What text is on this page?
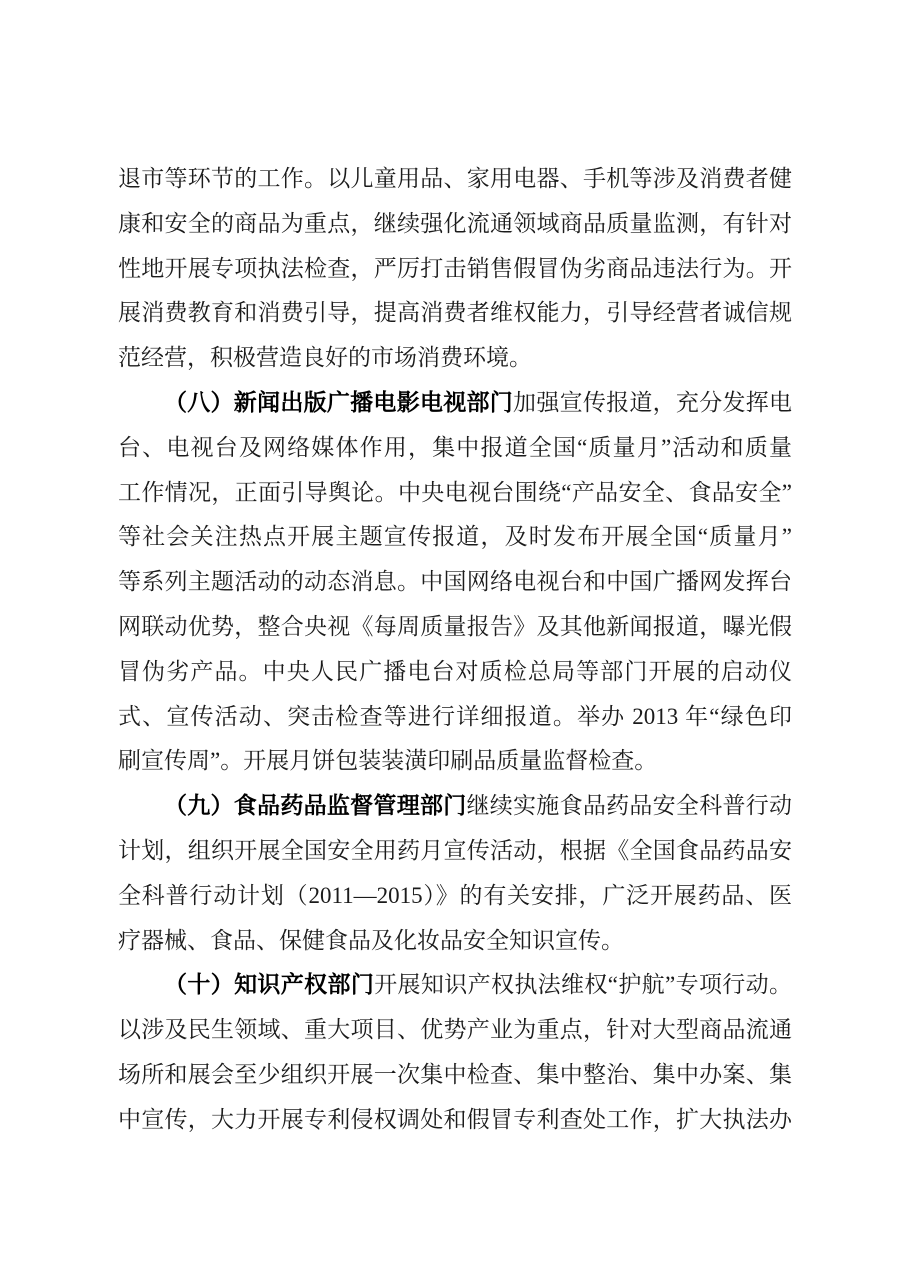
退市等环节的工作。以儿童用品、家用电器、手机等涉及消费者健
康和安全的商品为重点，继续强化流通领域商品质量监测，有针对
性地开展专项执法检查，严厉打击销售假冒伪劣商品违法行为。开
展消费教育和消费引导，提高消费者维权能力，引导经营者诚信规
范经营，积极营造良好的市场消费环境。
（八）新闻出版广播电影电视部门加强宣传报道，充分发挥电
台、电视台及网络媒体作用，集中报道全国“质量月”活动和质量
工作情况，正面引导舆论。中央电视台围绕“产品安全、食品安全”
等社会关注热点开展主题宣传报道，及时发布开展全国“质量月”
等系列主题活动的动态消息。中国网络电视台和中国广播网发挥台
网联动优势，整合央视《每周质量报告》及其他新闻报道，曝光假
冒伪劣产品。中央人民广播电台对质检总局等部门开展的启动仪
式、宣传活动、突击检查等进行详细报道。举办 2013 年“绿色印
刷宣传周”。开展月饼包装装潢印刷品质量监督检查。
（九）食品药品监督管理部门继续实施食品药品安全科普行动
计划，组织开展全国安全用药月宣传活动，根据《全国食品药品安
全科普行动计划（2011—2015）》的有关安排，广泛开展药品、医
疗器械、食品、保健食品及化妆品安全知识宣传。
（十）知识产权部门开展知识产权执法维权“护航”专项行动。
以涉及民生领域、重大项目、优势产业为重点，针对大型商品流通
场所和展会至少组织开展一次集中检查、集中整治、集中办案、集
中宣传，大力开展专利侵权调处和假冒专利查处工作，扩大执法办
